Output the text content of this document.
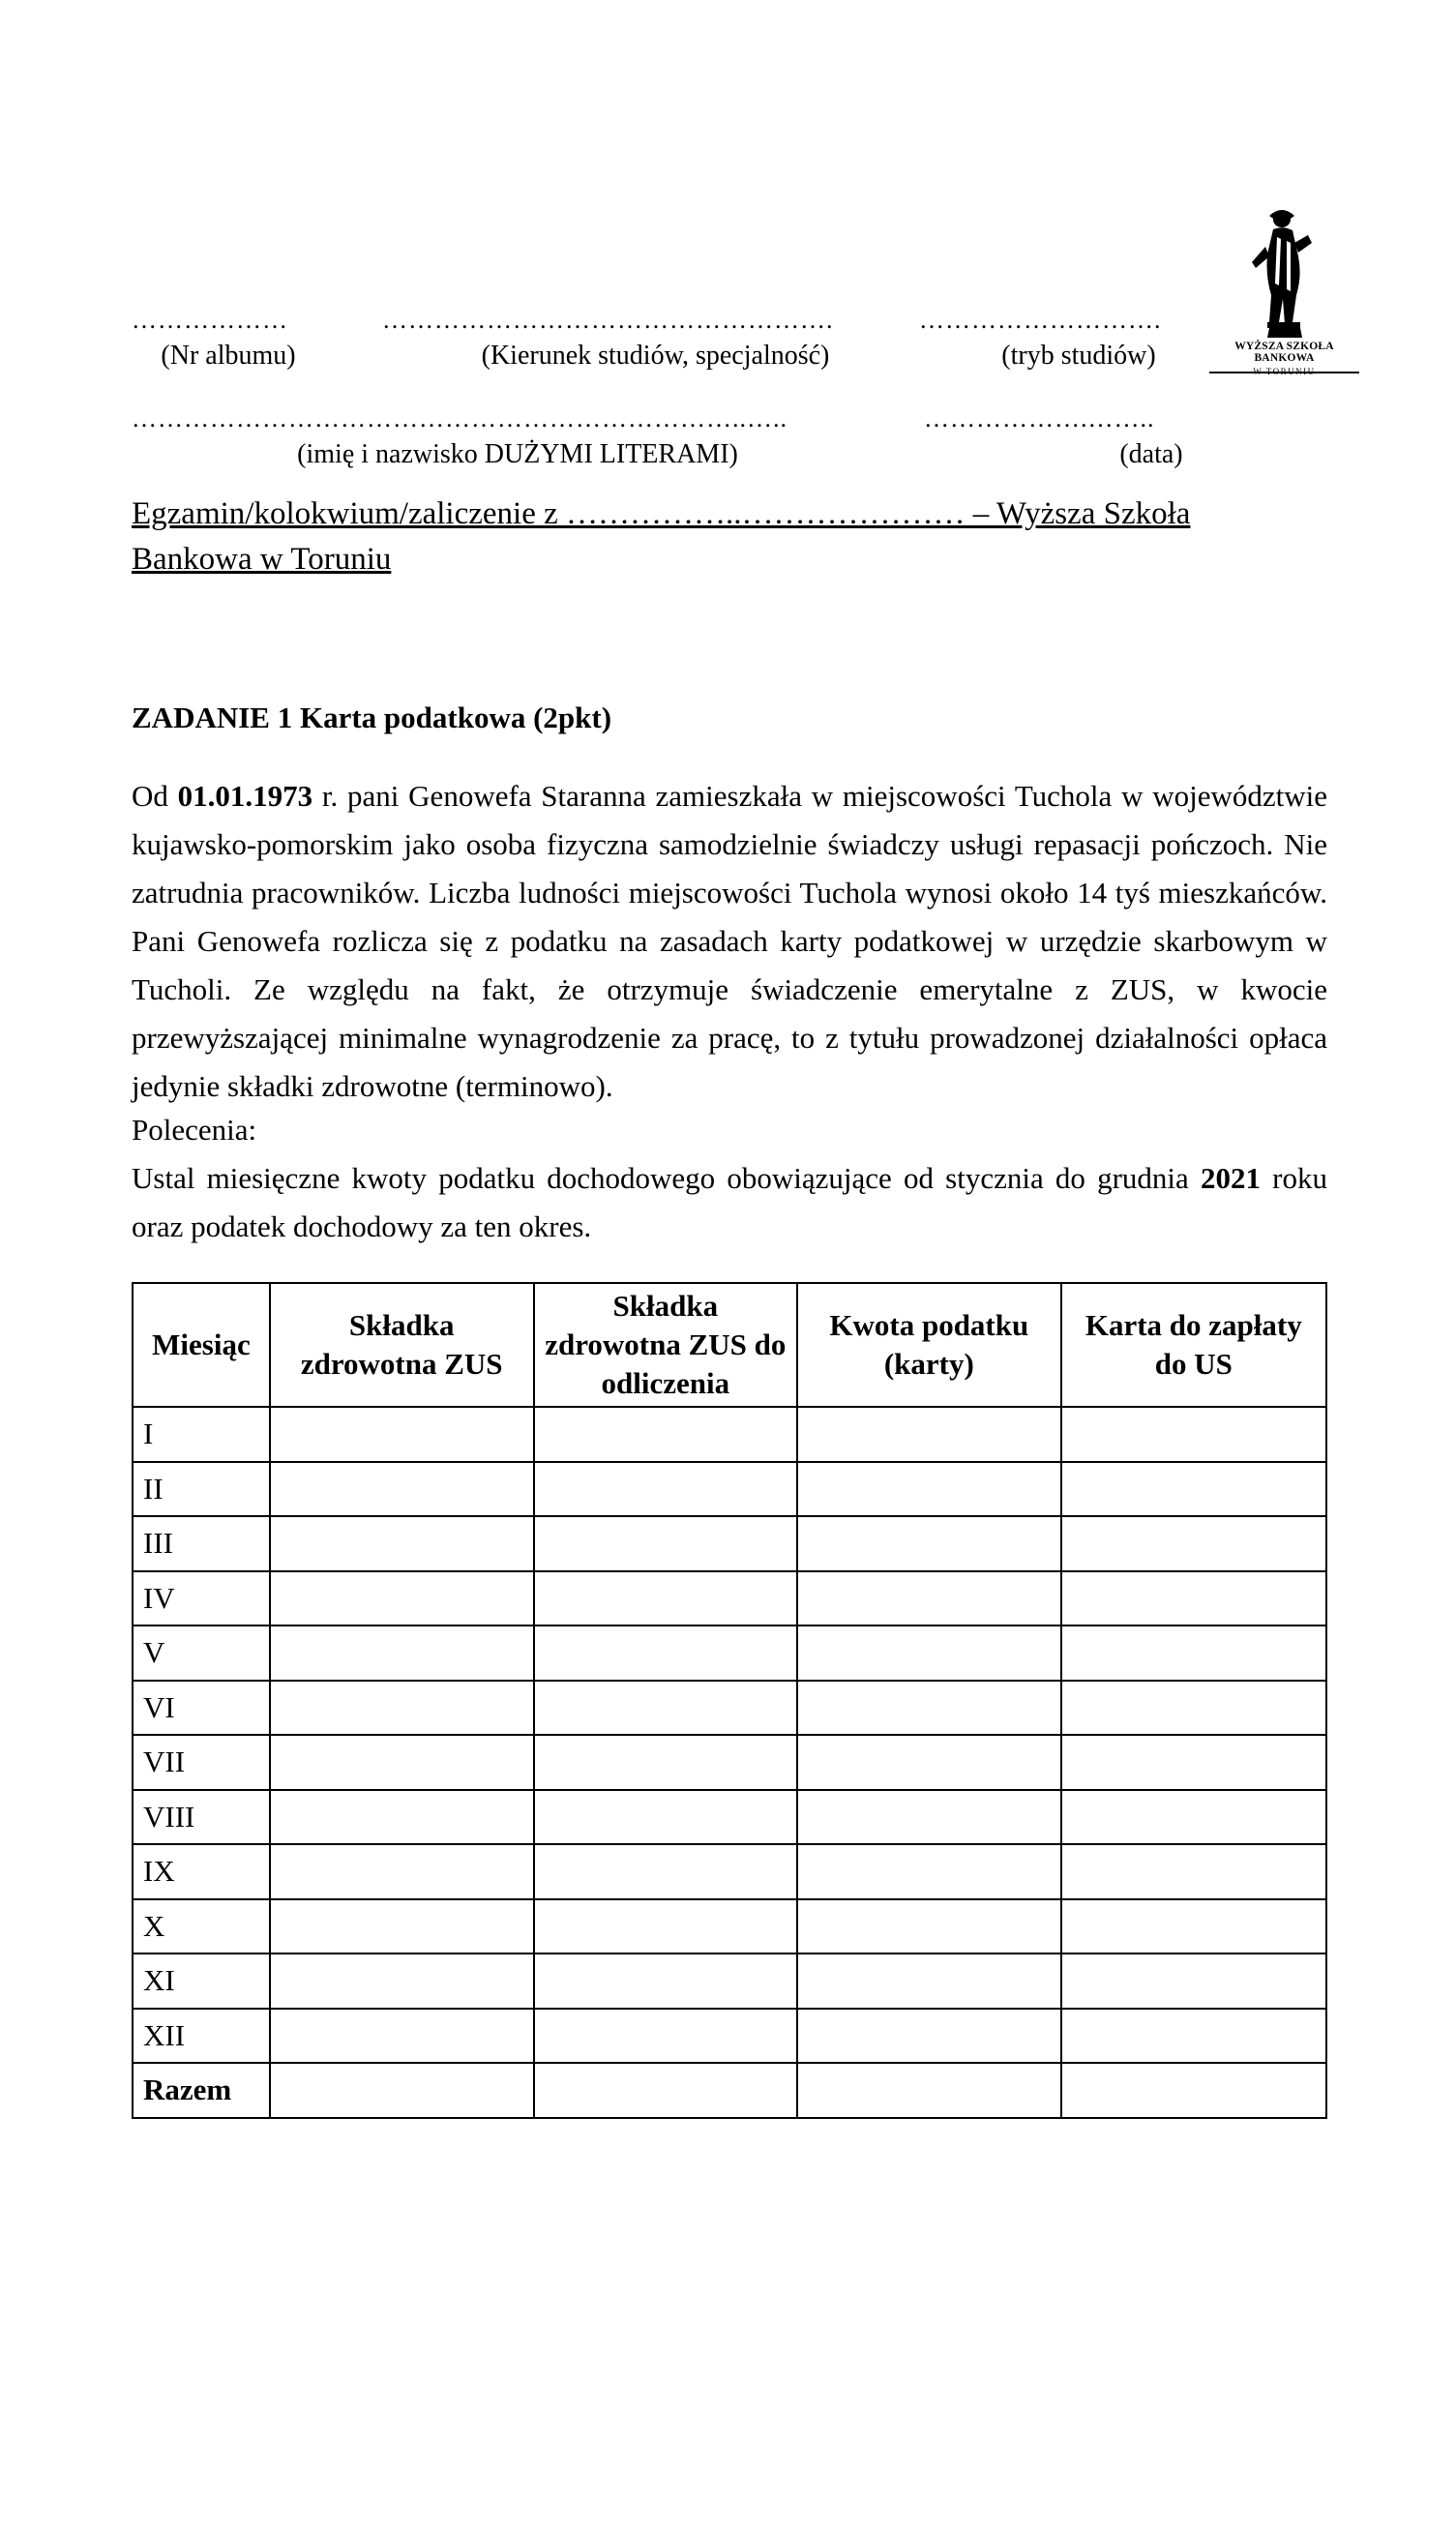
………………
(Nr albumu)
…………………………………………….
(Kierunek studiów, specjalność)
……………………….
(tryb studiów)	WYŻSZA SZKOŁA BANKOWA
W TORUNIU
……………………………………………………………..…..
(imię i nazwisko DUŻYMI LITERAMI)
……………….……..
(data)
Egzamin/kolokwium/zaliczenie z ……………..………………… – Wyższa Szkoła Bankowa w Toruniu
ZADANIE 1 Karta podatkowa (2pkt)
Od 01.01.1973 r. pani Genowefa Staranna zamieszkała w miejscowości Tuchola w województwie kujawsko-pomorskim jako osoba fizyczna samodzielnie świadczy usługi repasacji pończoch. Nie zatrudnia pracowników. Liczba ludności miejscowości Tuchola wynosi około 14 tyś mieszkańców. Pani Genowefa rozlicza się z podatku na zasadach karty podatkowej w urzędzie skarbowym w Tucholi. Ze względu na fakt, że otrzymuje świadczenie emerytalne z ZUS, w kwocie przewyższającej minimalne wynagrodzenie za pracę, to z tytułu prowadzonej działalności opłaca jedynie składki zdrowotne (terminowo).
Polecenia:
Ustal miesięczne kwoty podatku dochodowego obowiązujące od stycznia do grudnia 2021 roku oraz podatek dochodowy za ten okres.
Miesiąc	Składka zdrowotna ZUS	Składka zdrowotna ZUS do odliczenia	Kwota podatku (karty)	Karta do zapłaty do US
I				
II				
III				
IV				
V				
VI				
VII				
VIII				
IX				
X				
XI				
XII				
Razem				
